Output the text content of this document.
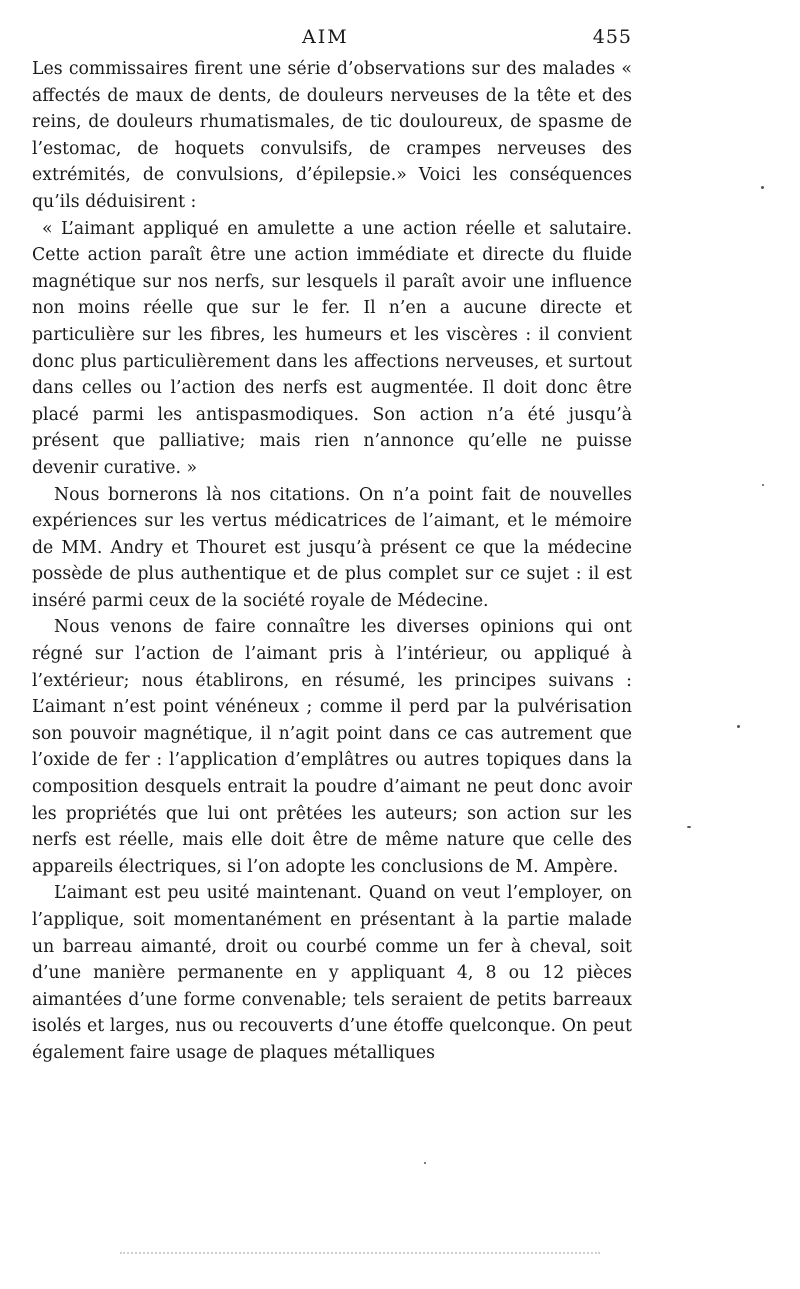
AIM	455

Les commissaires firent une série d’observations sur des malades « affectés de maux de dents, de douleurs nerveuses de la tête et des reins, de douleurs rhumatismales, de tic douloureux, de spasme de l’estomac, de hoquets convulsifs, de crampes nerveuses des extrémités, de convulsions, d’épilepsie.» Voici les conséquences qu’ils déduisirent :

« L’aimant appliqué en amulette a une action réelle et salutaire. Cette action paraît être une action immédiate et directe du fluide magnétique sur nos nerfs, sur lesquels il paraît avoir une influence non moins réelle que sur le fer. Il n’en a aucune directe et particulière sur les fibres, les humeurs et les viscères : il convient donc plus particulièrement dans les affections nerveuses, et surtout dans celles ou l’action des nerfs est augmentée. Il doit donc être placé parmi les antispasmodiques. Son action n’a été jusqu’à présent que palliative; mais rien n’annonce qu’elle ne puisse devenir curative. »

Nous bornerons là nos citations. On n’a point fait de nouvelles expériences sur les vertus médicatrices de l’aimant, et le mémoire de MM. Andry et Thouret est jusqu’à présent ce que la médecine possède de plus authentique et de plus complet sur ce sujet : il est inséré parmi ceux de la société royale de Médecine.

Nous venons de faire connaître les diverses opinions qui ont régné sur l’action de l’aimant pris à l’intérieur, ou appliqué à l’extérieur; nous établirons, en résumé, les principes suivans : L’aimant n’est point vénéneux ; comme il perd par la pulvérisation son pouvoir magnétique, il n’agit point dans ce cas autrement que l’oxide de fer : l’application d’emplâtres ou autres topiques dans la composition desquels entrait la poudre d’aimant ne peut donc avoir les propriétés que lui ont prêtées les auteurs; son action sur les nerfs est réelle, mais elle doit être de même nature que celle des appareils électriques, si l’on adopte les conclusions de M. Ampère.

L’aimant est peu usité maintenant. Quand on veut l’employer, on l’applique, soit momentanément en présentant à la partie malade un barreau aimanté, droit ou courbé comme un fer à cheval, soit d’une manière permanente en y appliquant 4, 8 ou 12 pièces aimantées d’une forme convenable; tels seraient de petits barreaux isolés et larges, nus ou recouverts d’une étoffe quelconque. On peut également faire usage de plaques métalliques
